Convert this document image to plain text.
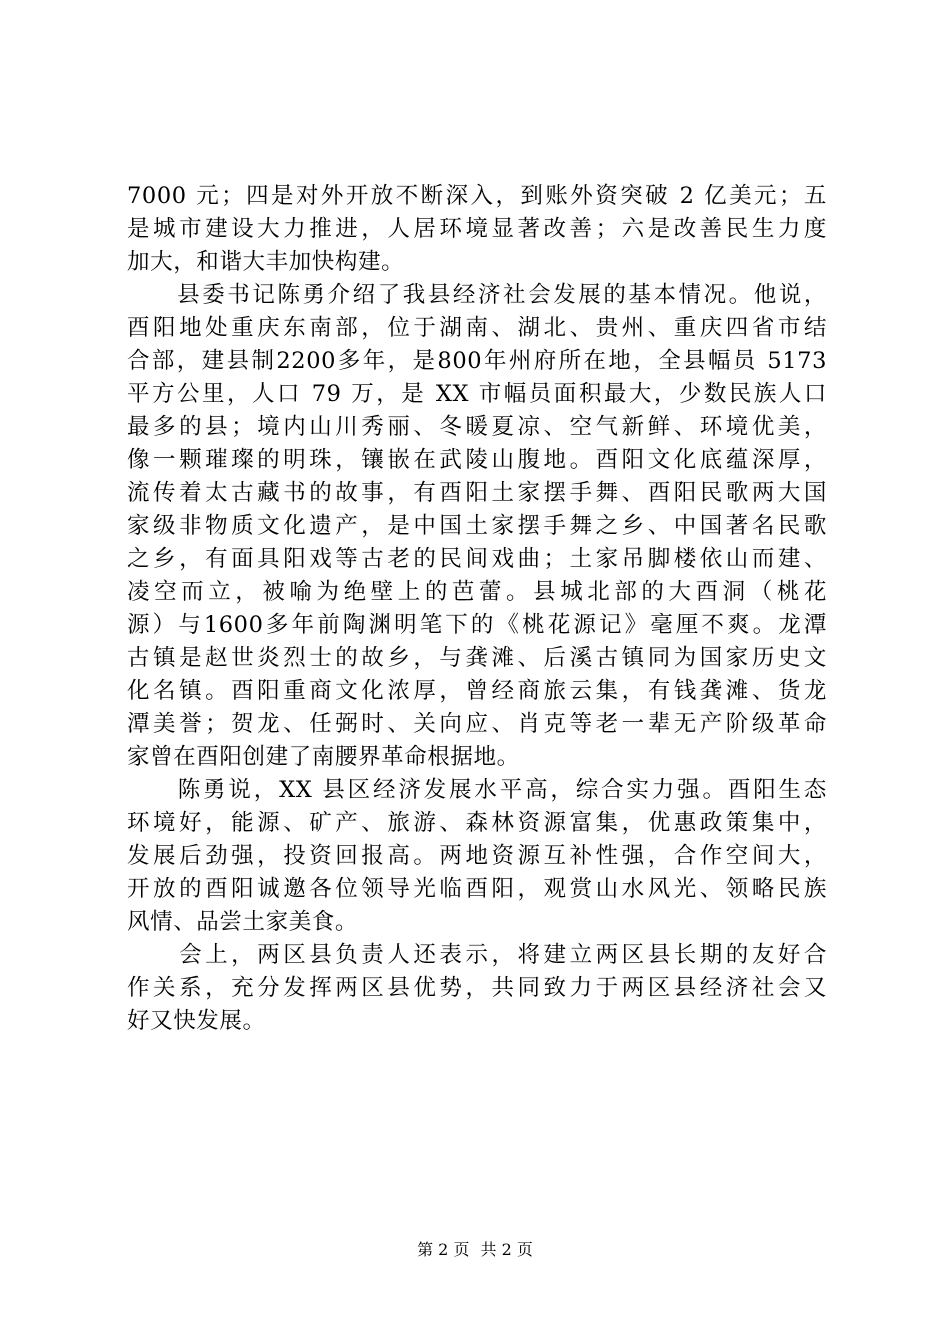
7000 元；四是对外开放不断深入，到账外资突破 2 亿美元；五
是城市建设大力推进，人居环境显著改善；六是改善民生力度
加大，和谐大丰加快构建。
　　县委书记陈勇介绍了我县经济社会发展的基本情况。他说，
酉阳地处重庆东南部，位于湖南、湖北、贵州、重庆四省市结
合部，建县制2200多年，是800年州府所在地，全县幅员 5173
平方公里，人口 79 万，是 XX 市幅员面积最大，少数民族人口
最多的县；境内山川秀丽、冬暖夏凉、空气新鲜、环境优美，
像一颗璀璨的明珠，镶嵌在武陵山腹地。酉阳文化底蕴深厚，
流传着太古藏书的故事，有酉阳土家摆手舞、酉阳民歌两大国
家级非物质文化遗产，是中国土家摆手舞之乡、中国著名民歌
之乡，有面具阳戏等古老的民间戏曲；土家吊脚楼依山而建、
凌空而立，被喻为绝壁上的芭蕾。县城北部的大酉洞（桃花
源）与1600多年前陶渊明笔下的《桃花源记》毫厘不爽。龙潭
古镇是赵世炎烈士的故乡，与龚滩、后溪古镇同为国家历史文
化名镇。酉阳重商文化浓厚，曾经商旅云集，有钱龚滩、货龙
潭美誉；贺龙、任弼时、关向应、肖克等老一辈无产阶级革命
家曾在酉阳创建了南腰界革命根据地。
　　陈勇说，XX 县区经济发展水平高，综合实力强。酉阳生态
环境好，能源、矿产、旅游、森林资源富集，优惠政策集中，
发展后劲强，投资回报高。两地资源互补性强，合作空间大，
开放的酉阳诚邀各位领导光临酉阳，观赏山水风光、领略民族
风情、品尝土家美食。
　　会上，两区县负责人还表示，将建立两区县长期的友好合
作关系，充分发挥两区县优势，共同致力于两区县经济社会又
好又快发展。
第 2 页 共 2 页
